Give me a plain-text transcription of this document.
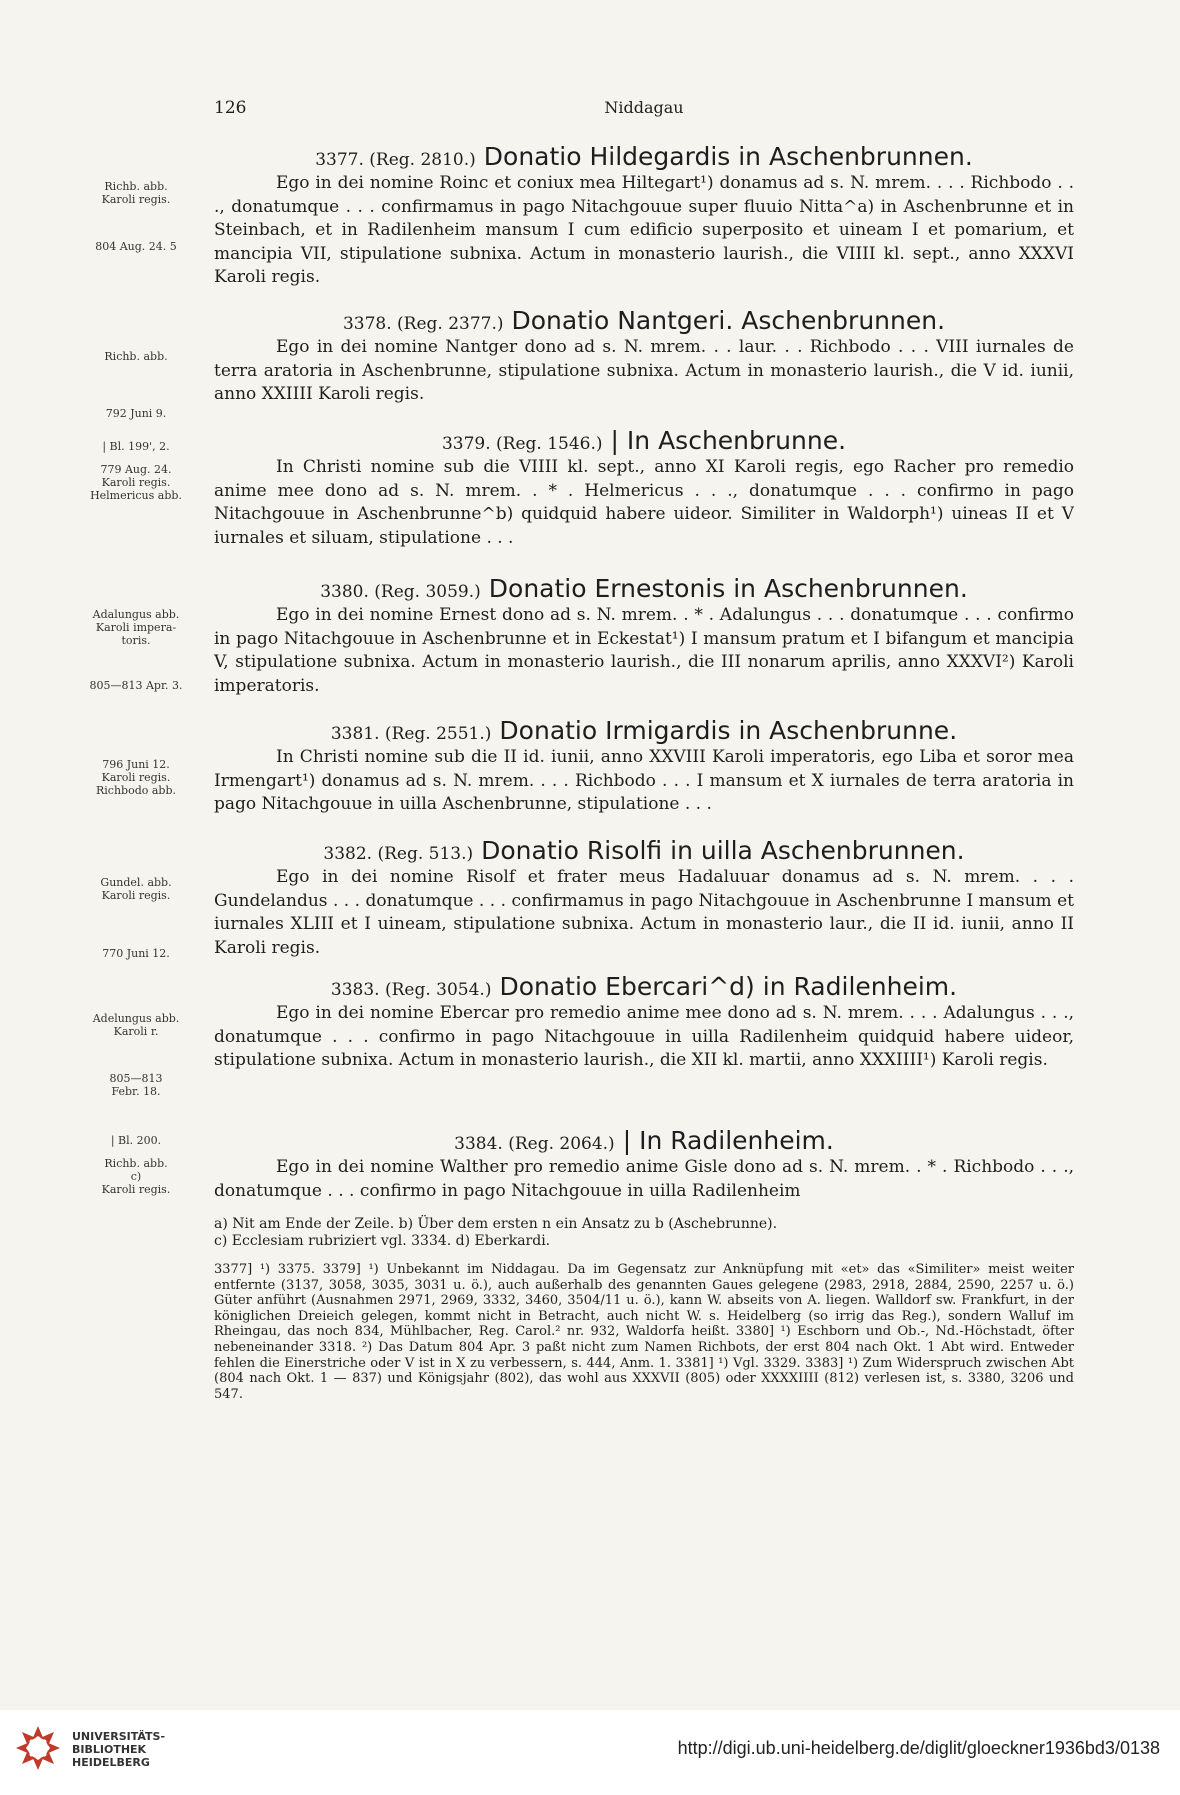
126	Niddagau
Richb. abb.
Karoli regis.
804 Aug. 24. 5
3377. (Reg. 2810.) Donatio Hildegardis in Aschenbrunnen.
Ego in dei nomine Roinc et coniux mea Hiltegart¹) donamus ad s. N. mrem. . . . Richbodo . . ., donatumque . . . confirmamus in pago Nitachgouue super fluuio Nitta^a) in Aschenbrunne et in Steinbach, et in Radilenheim mansum I cum edificio superposito et uineam I et pomarium, et mancipia VII, stipulatione subnixa. Actum in monasterio laurish., die VIIII kl. sept., anno XXXVI Karoli regis.
Richb. abb.
792 Juni 9.
3378. (Reg. 2377.) Donatio Nantgeri. Aschenbrunnen.
Ego in dei nomine Nantger dono ad s. N. mrem. . . laur. . . Richbodo . . . VIII iurnales de terra aratoria in Aschenbrunne, stipulatione subnixa. Actum in monasterio laurish., die V id. iunii, anno XXIIII Karoli regis.
| Bl. 199', 2.
779 Aug. 24.
Karoli regis.
Helmericus abb.
3379. (Reg. 1546.) | In Aschenbrunne.
In Christi nomine sub die VIIII kl. sept., anno XI Karoli regis, ego Racher pro remedio anime mee dono ad s. N. mrem. . * . Helmericus . . ., donatumque . . . confirmo in pago Nitachgouue in Aschenbrunne^b) quidquid habere uideor. Similiter in Waldorph¹) uineas II et V iurnales et siluam, stipulatione . . .
Adalungus abb.
Karoli impera-
toris.
805—813 Apr. 3.
3380. (Reg. 3059.) Donatio Ernestonis in Aschenbrunnen.
Ego in dei nomine Ernest dono ad s. N. mrem. . * . Adalungus . . . donatumque . . . confirmo in pago Nitachgouue in Aschenbrunne et in Eckestat¹) I mansum pratum et I bifangum et mancipia V, stipulatione subnixa. Actum in monasterio laurish., die III nonarum aprilis, anno XXXVI²) Karoli imperatoris.
796 Juni 12.
Karoli regis.
Richbodo abb.
3381. (Reg. 2551.) Donatio Irmigardis in Aschenbrunne.
In Christi nomine sub die II id. iunii, anno XXVIII Karoli imperatoris, ego Liba et soror mea Irmengart¹) donamus ad s. N. mrem. . . . Richbodo . . . I mansum et X iurnales de terra aratoria in pago Nitachgouue in uilla Aschenbrunne, stipulatione . . .
Gundel. abb.
Karoli regis.
770 Juni 12.
3382. (Reg. 513.) Donatio Risolfi in uilla Aschenbrunnen.
Ego in dei nomine Risolf et frater meus Hadaluuar donamus ad s. N. mrem. . . . Gundelandus . . . donatumque . . . confirmamus in pago Nitachgouue in Aschenbrunne I mansum et iurnales XLIII et I uineam, stipulatione subnixa. Actum in monasterio laur., die II id. iunii, anno II Karoli regis.
Adelungus abb.
Karoli r.
805—813
Febr. 18.
3383. (Reg. 3054.) Donatio Ebercari^d) in Radilenheim.
Ego in dei nomine Ebercar pro remedio anime mee dono ad s. N. mrem. . . . Adalungus . . ., donatumque . . . confirmo in pago Nitachgouue in uilla Radilenheim quidquid habere uideor, stipulatione subnixa. Actum in monasterio laurish., die XII kl. martii, anno XXXIIII¹) Karoli regis.
| Bl. 200.
Richb. abb.
c)
Karoli regis.
3384. (Reg. 2064.) | In Radilenheim.
Ego in dei nomine Walther pro remedio anime Gisle dono ad s. N. mrem. . * . Richbodo . . ., donatumque . . . confirmo in pago Nitachgouue in uilla Radilenheim
a) Nit am Ende der Zeile. b) Über dem ersten n ein Ansatz zu b (Aschebrunne).
c) Ecclesiam rubriziert vgl. 3334. d) Eberkardi.
3377] ¹) 3375. 3379] ¹) Unbekannt im Niddagau. Da im Gegensatz zur Anknüpfung mit «et» das «Similiter» meist weiter entfernte (3137, 3058, 3035, 3031 u. ö.), auch außerhalb des genannten Gaues gelegene (2983, 2918, 2884, 2590, 2257 u. ö.) Güter anführt (Ausnahmen 2971, 2969, 3332, 3460, 3504/11 u. ö.), kann W. abseits von A. liegen. Walldorf sw. Frankfurt, in der königlichen Dreieich gelegen, kommt nicht in Betracht, auch nicht W. s. Heidelberg (so irrig das Reg.), sondern Walluf im Rheingau, das noch 834, Mühlbacher, Reg. Carol.² nr. 932, Waldorfa heißt. 3380] ¹) Eschborn und Ob.-, Nd.-Höchstadt, öfter nebeneinander 3318. ²) Das Datum 804 Apr. 3 paßt nicht zum Namen Richbots, der erst 804 nach Okt. 1 Abt wird. Entweder fehlen die Einerstriche oder V ist in X zu verbessern, s. 444, Anm. 1. 3381] ¹) Vgl. 3329. 3383] ¹) Zum Widerspruch zwischen Abt (804 nach Okt. 1 — 837) und Königsjahr (802), das wohl aus XXXVII (805) oder XXXXIIII (812) verlesen ist, s. 3380, 3206 und 547.
UNIVERSITÄTS-
BIBLIOTHEK
HEIDELBERG
http://digi.ub.uni-heidelberg.de/diglit/gloeckner1936bd3/0138
